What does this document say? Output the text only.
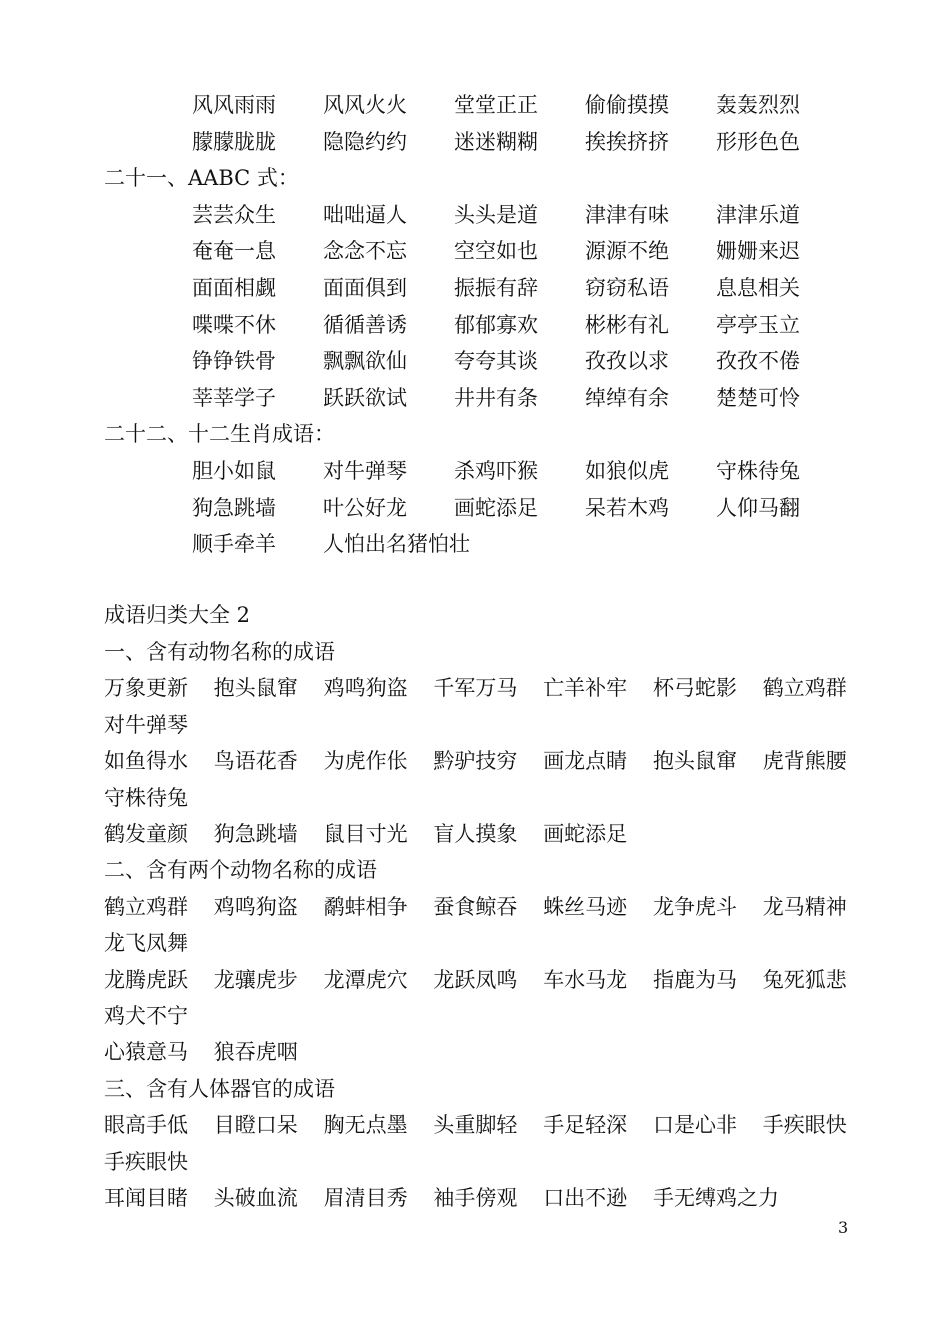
风风雨雨 风风火火 堂堂正正 偷偷摸摸 轰轰烈烈
朦朦胧胧 隐隐约约 迷迷糊糊 挨挨挤挤 形形色色
二十一、AABC 式：
芸芸众生 咄咄逼人 头头是道 津津有味 津津乐道
奄奄一息 念念不忘 空空如也 源源不绝 姗姗来迟
面面相觑 面面俱到 振振有辞 窃窃私语 息息相关
喋喋不休 循循善诱 郁郁寡欢 彬彬有礼 亭亭玉立
铮铮铁骨 飘飘欲仙 夸夸其谈 孜孜以求 孜孜不倦
莘莘学子 跃跃欲试 井井有条 绰绰有余 楚楚可怜
二十二、十二生肖成语：
胆小如鼠 对牛弹琴 杀鸡吓猴 如狼似虎 守株待兔
狗急跳墙 叶公好龙 画蛇添足 呆若木鸡 人仰马翻
顺手牵羊 人怕出名猪怕壮
成语归类大全 2
一、含有动物名称的成语
万象更新 抱头鼠窜 鸡鸣狗盗 千军万马 亡羊补牢 杯弓蛇影 鹤立鸡群
对牛弹琴
如鱼得水 鸟语花香 为虎作伥 黔驴技穷 画龙点睛 抱头鼠窜 虎背熊腰
守株待兔
鹤发童颜 狗急跳墙 鼠目寸光 盲人摸象 画蛇添足
二、含有两个动物名称的成语
鹤立鸡群 鸡鸣狗盗 鹬蚌相争 蚕食鲸吞 蛛丝马迹 龙争虎斗 龙马精神
龙飞凤舞
龙腾虎跃 龙骧虎步 龙潭虎穴 龙跃凤鸣 车水马龙 指鹿为马 兔死狐悲
鸡犬不宁
心猿意马 狼吞虎咽
三、含有人体器官的成语
眼高手低 目瞪口呆 胸无点墨 头重脚轻 手足轻深 口是心非 手疾眼快
手疾眼快
耳闻目睹 头破血流 眉清目秀 袖手傍观 口出不逊 手无缚鸡之力
3
